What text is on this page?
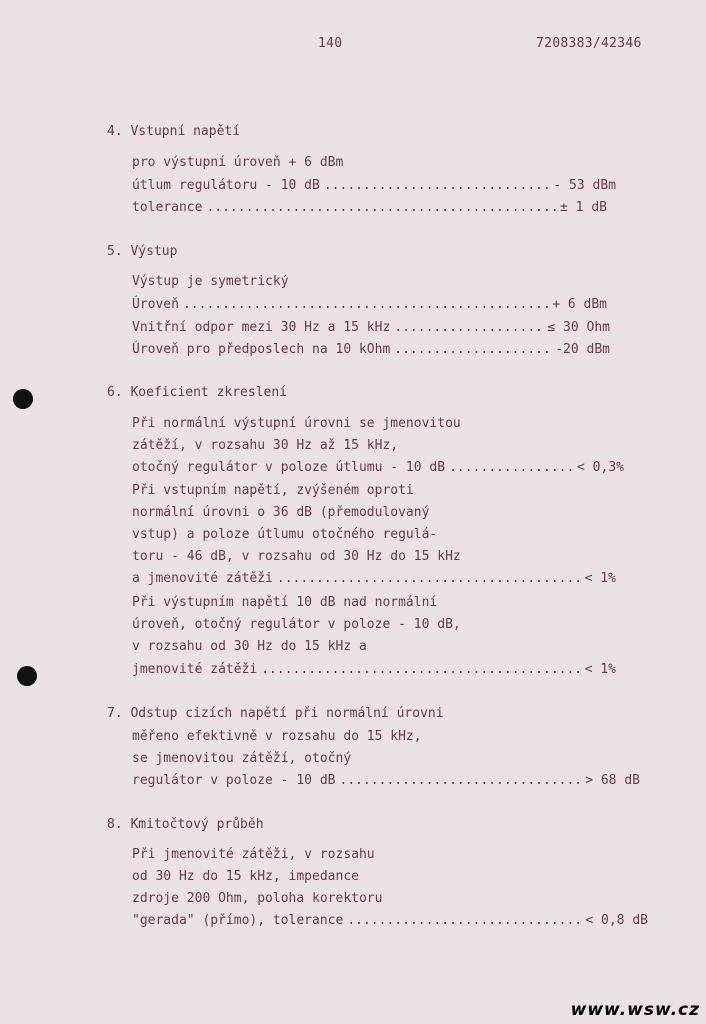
140	7208383/42346
4. Vstupní napětí
pro výstupní úroveň + 6 dBm
útlum regulátoru - 10 dB .....	- 53 dBm
tolerance .....	± 1 dB
5. Výstup
Výstup je symetrický
Úroveň .....	+ 6 dBm
Vnitřní odpor mezi 30 Hz a 15 kHz .....	≤ 30 Ohm
Úroveň pro předposlech na 10 kOhm .....	-20 dBm
6. Koeficient zkreslení
Při normální výstupní úrovni se jmenovitou
zátěží, v rozsahu 30 Hz až 15 kHz,
otočný regulátor v poloze útlumu - 10 dB .....	< 0,3%
Při vstupním napětí, zvýšeném oproti
normální úrovni o 36 dB (přemodulovaný
vstup) a poloze útlumu otočného regulá-
toru - 46 dB, v rozsahu od 30 Hz do 15 kHz
a jmenovité zátěži .....	< 1%
Při výstupním napětí 10 dB nad normální
úroveň, otočný regulátor v poloze - 10 dB,
v rozsahu od 30 Hz do 15 kHz a
jmenovité zátěži .....	< 1%
7. Odstup cizích napětí při normální úrovni
měřeno efektivně v rozsahu do 15 kHz,
se jmenovitou zátěží, otočný
regulátor v poloze - 10 dB .....	> 68 dB
8. Kmitočtový průběh
Při jmenovité zátěži, v rozsahu
od 30 Hz do 15 kHz, impedance
zdroje 200 Ohm, poloha korektoru
"gerada" (přímo), tolerance .....	< 0,8 dB
www.wsw.cz
